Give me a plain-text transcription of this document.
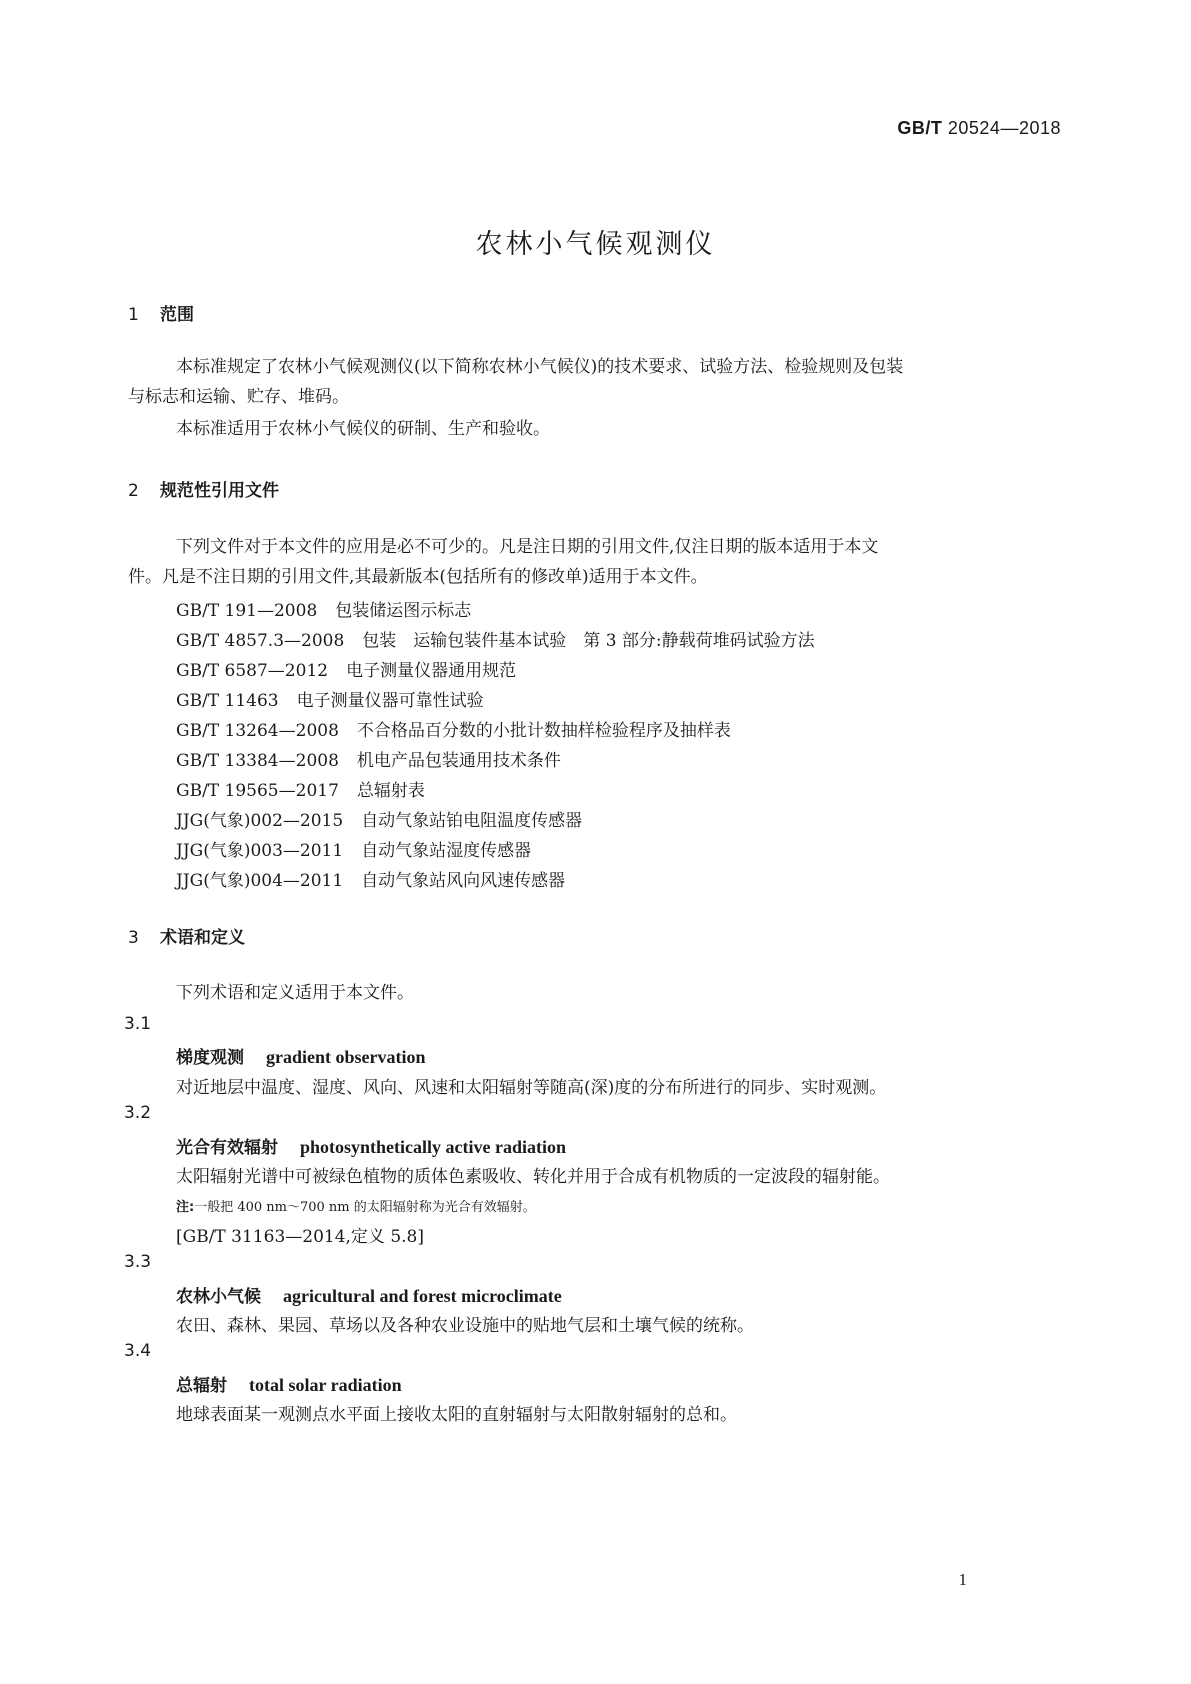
GB/T 20524—2018
农林小气候观测仪
1 范围
本标准规定了农林小气候观测仪(以下简称农林小气候仪)的技术要求、试验方法、检验规则及包装
与标志和运输、贮存、堆码。
本标准适用于农林小气候仪的研制、生产和验收。
2 规范性引用文件
下列文件对于本文件的应用是必不可少的。凡是注日期的引用文件,仅注日期的版本适用于本文
件。凡是不注日期的引用文件,其最新版本(包括所有的修改单)适用于本文件。
GB/T 191—2008 包装储运图示标志
GB/T 4857.3—2008 包装　运输包装件基本试验　第 3 部分:静载荷堆码试验方法
GB/T 6587—2012 电子测量仪器通用规范
GB/T 11463 电子测量仪器可靠性试验
GB/T 13264—2008 不合格品百分数的小批计数抽样检验程序及抽样表
GB/T 13384—2008 机电产品包装通用技术条件
GB/T 19565—2017 总辐射表
JJG(气象)002—2015 自动气象站铂电阻温度传感器
JJG(气象)003—2011 自动气象站湿度传感器
JJG(气象)004—2011 自动气象站风向风速传感器
3 术语和定义
下列术语和定义适用于本文件。
3.1
梯度观测 gradient observation
对近地层中温度、湿度、风向、风速和太阳辐射等随高(深)度的分布所进行的同步、实时观测。
3.2
光合有效辐射 photosynthetically active radiation
太阳辐射光谱中可被绿色植物的质体色素吸收、转化并用于合成有机物质的一定波段的辐射能。
注:一般把 400 nm～700 nm 的太阳辐射称为光合有效辐射。
[GB/T 31163—2014,定义 5.8]
3.3
农林小气候 agricultural and forest microclimate
农田、森林、果园、草场以及各种农业设施中的贴地气层和土壤气候的统称。
3.4
总辐射 total solar radiation
地球表面某一观测点水平面上接收太阳的直射辐射与太阳散射辐射的总和。
1
